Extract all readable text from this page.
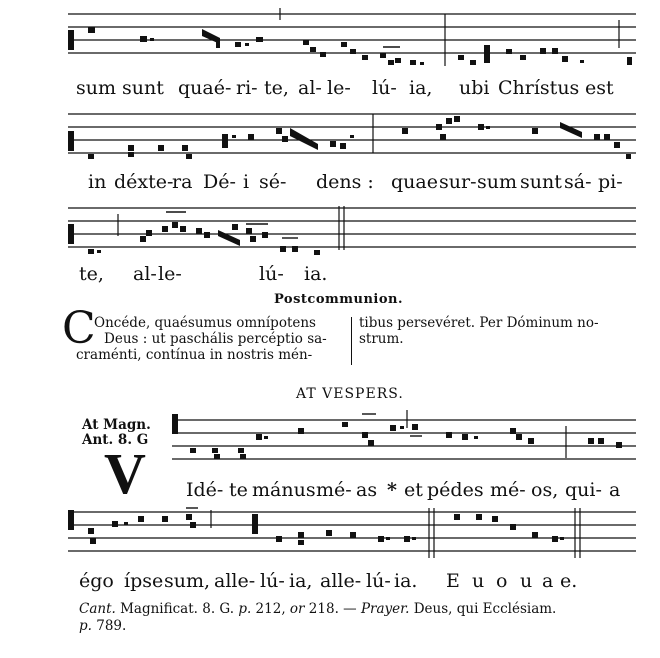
sum sunt quaé- ri- te, al- le- lú- ia, ubi Chrístus est
in déxte-
ra Dé- i sé- dens : quae sur- sum sunt sá- pi-
te, al- le-	lú- ia.
Postcommunion.
C
Oncéde, quaésumus omnípotens
Deus : ut paschális percéptio sa-
craménti, contínua in nostris mén-
tibus persevéret. Per Dóminum no-
strum.
AT VESPERS.
At Magn.
Ant. 8. G
V Idé- te mánus mé- as * et pédes mé- os, qui- a
égo ípse sum, alle- lú- ia, alle- lú- ia. E u o u a e.
Cant. Magnificat. 8. G. p. 212, or 218. — Prayer. Deus, qui Ecclésiam.
p. 789.
